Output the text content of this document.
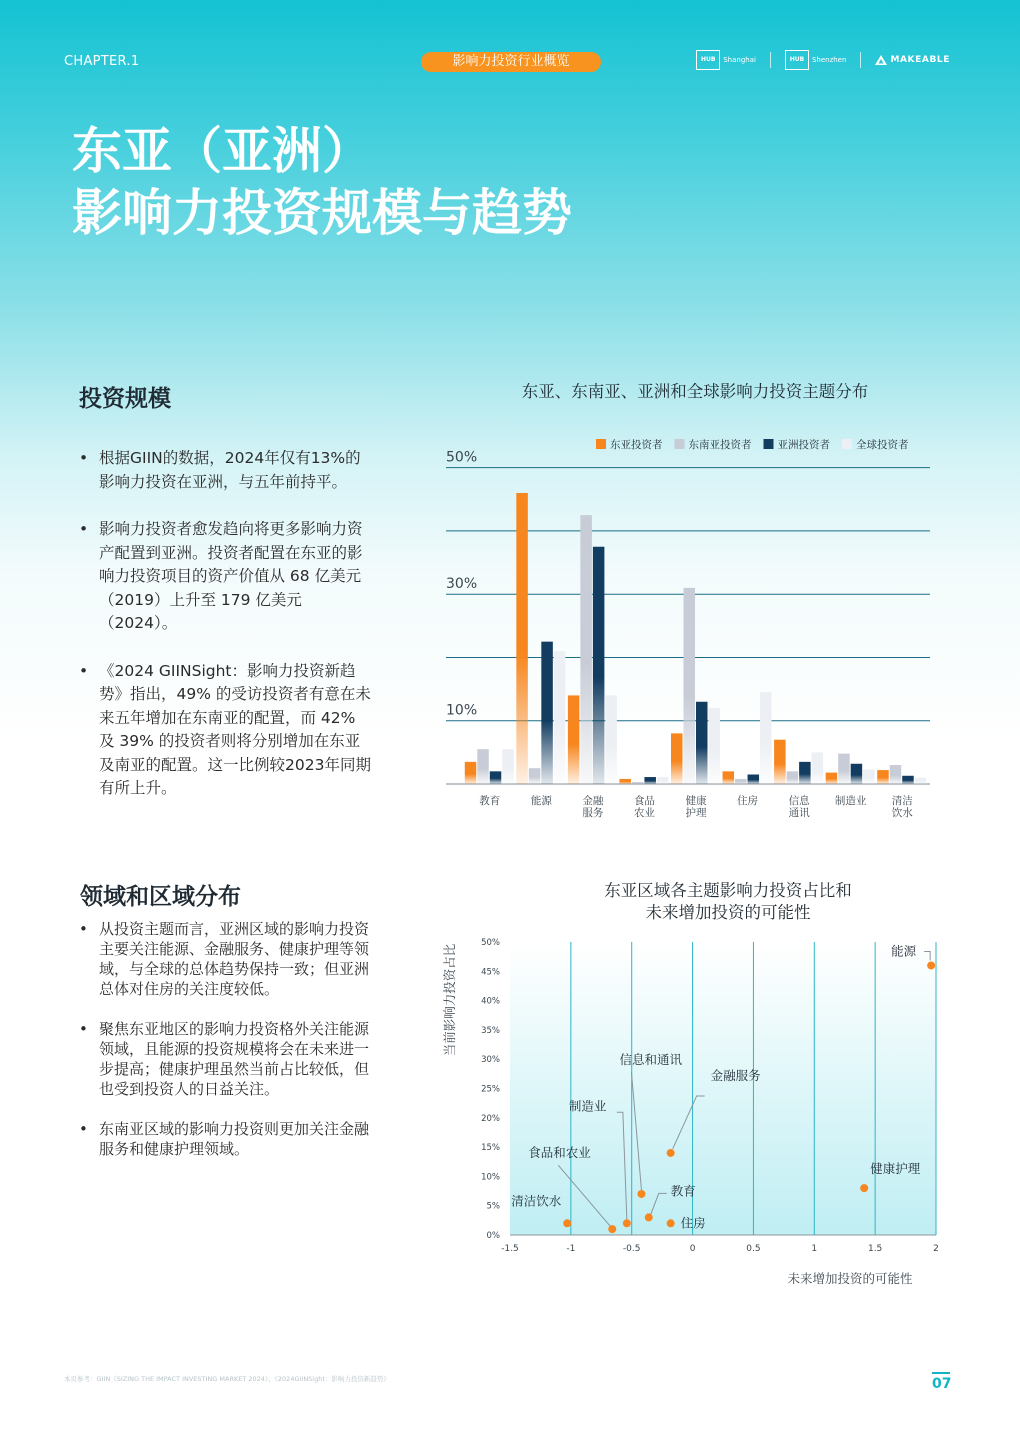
CHAPTER.1	影响力投资行业概览	HUB	Shanghai	HUB	Shenzhen	MAKEABLE
东亚（亚洲）
影响力投资规模与趋势
投资规模
• 根据GIIN的数据，2024年仅有13%的影响力投资在亚洲，与五年前持平。
• 影响力投资者愈发趋向将更多影响力资产配置到亚洲。投资者配置在东亚的影响力投资项目的资产价值从 68 亿美元（2019）上升至 179 亿美元（2024）。
• 《2024 GIINSight：影响力投资新趋势》指出，49% 的受访投资者有意在未来五年增加在东南亚的配置，而 42% 及 39% 的投资者则将分别增加在东亚及南亚的配置。这一比例较2023年同期有所上升。
东亚、东南亚、亚洲和全球影响力投资主题分布
50%
30%
10%
教育	能源	金融
服务
食品
农业
健康
护理
住房	信息
通讯
制造业 清洁
饮水
东亚投资者 东南亚投资者 亚洲投资者 全球投资者
领域和区域分布
• 从投资主题而言，亚洲区域的影响力投资主要关注能源、金融服务、健康护理等领域，与全球的总体趋势保持一致；但亚洲总体对住房的关注度较低。
• 聚焦东亚地区的影响力投资格外关注能源领域，且能源的投资规模将会在未来进一步提高；健康护理虽然当前占比较低，但也受到投资人的日益关注。
• 东南亚区域的影响力投资则更加关注金融服务和健康护理领域。
东亚区域各主题影响力投资占比和
未来增加投资的可能性
-1.5	-1	-0.5	0	0.5	1	1.5	2
0%
5%
10%
15%
20%
25%
30%
35%
40%
45%
50%
未来增加投资的可能性
当前影响力投资占比	能源
信息和通讯
金融服务
制造业
食品和农业
清洁饮水
教育
住房
健康护理
本页参考：GIIN《SIZING THE IMPACT INVESTING MARKET 2024》；《2024GIINSight：影响力投资新趋势》	07
